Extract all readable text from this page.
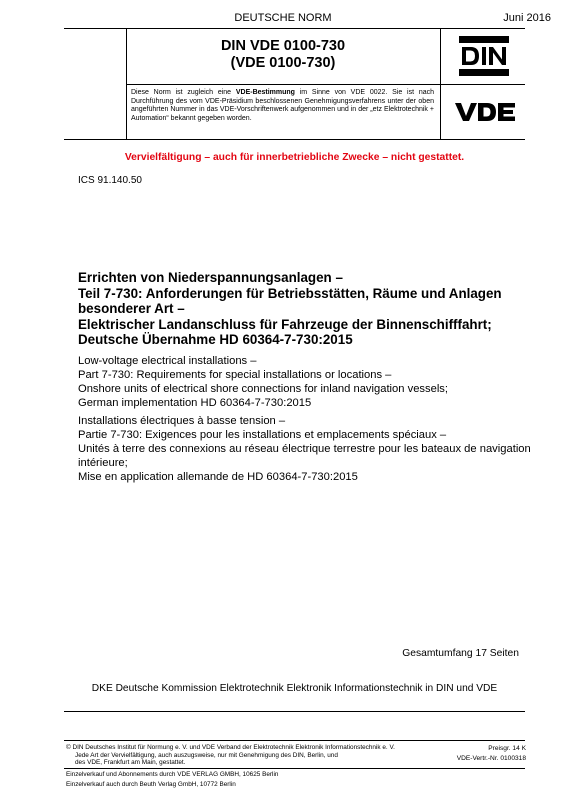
DEUTSCHE NORM	Juni 2016
DIN VDE 0100-730
(VDE 0100-730)
Diese Norm ist zugleich eine VDE-Bestimmung im Sinne von VDE 0022. Sie ist nach Durchführung des vom VDE-Präsidium beschlossenen Genehmigungsverfahrens unter der oben angeführten Nummer in das VDE-Vorschriftenwerk aufgenommen und in der „etz Elektrotechnik + Automation“ bekannt gegeben worden.
Vervielfältigung – auch für innerbetriebliche Zwecke – nicht gestattet.
ICS 91.140.50
Errichten von Niederspannungsanlagen –
Teil 7-730: Anforderungen für Betriebsstätten, Räume und Anlagen
besonderer Art –
Elektrischer Landanschluss für Fahrzeuge der Binnenschifffahrt;
Deutsche Übernahme HD 60364-7-730:2015
Low-voltage electrical installations –
Part 7-730: Requirements for special installations or locations –
Onshore units of electrical shore connections for inland navigation vessels;
German implementation HD 60364-7-730:2015
Installations électriques à basse tension –
Partie 7-730: Exigences pour les installations et emplacements spéciaux –
Unités à terre des connexions au réseau électrique terrestre pour les bateaux de navigation
intérieure;
Mise en application allemande de HD 60364-7-730:2015
Gesamtumfang 17 Seiten
DKE Deutsche Kommission Elektrotechnik Elektronik Informationstechnik in DIN und VDE
© DIN Deutsches Institut für Normung e. V. und VDE Verband der Elektrotechnik Elektronik Informationstechnik e. V.
Jede Art der Vervielfältigung, auch auszugsweise, nur mit Genehmigung des DIN, Berlin, und
des VDE, Frankfurt am Main, gestattet.
Preisgr. 14 K
VDE-Vertr.-Nr. 0100318
Einzelverkauf und Abonnements durch VDE VERLAG GMBH, 10625 Berlin
Einzelverkauf auch durch Beuth Verlag GmbH, 10772 Berlin
